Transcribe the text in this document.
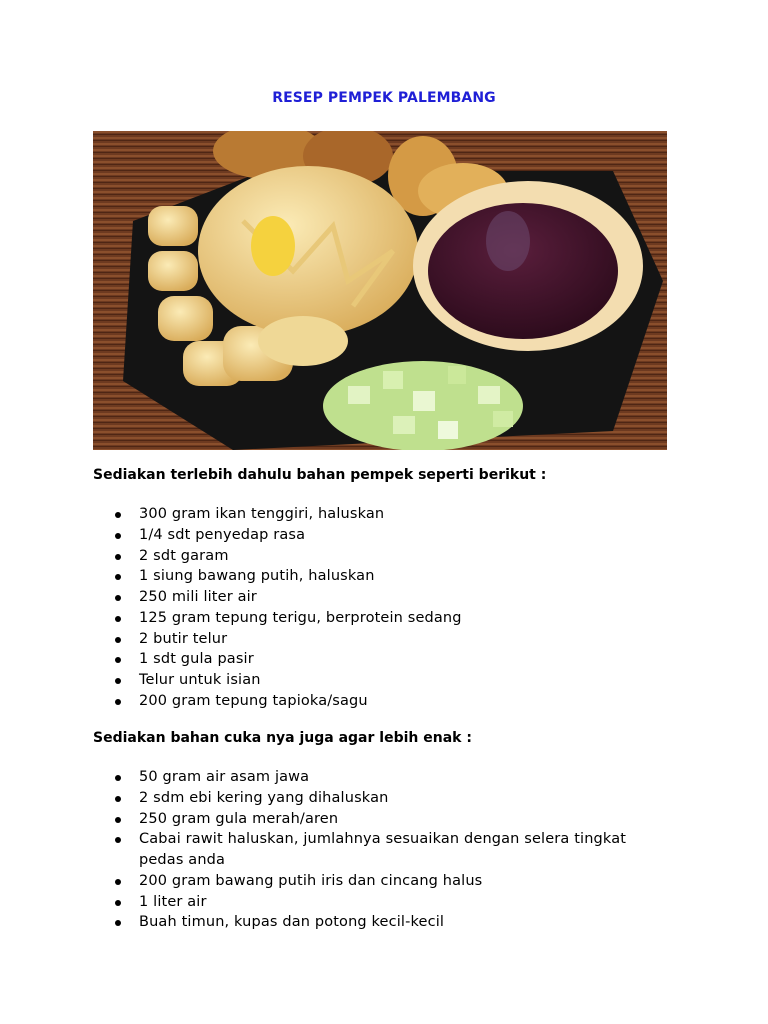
RESEP PEMPEK PALEMBANG
Sediakan terlebih dahulu bahan pempek seperti berikut :
300 gram ikan tenggiri, haluskan
1/4 sdt penyedap rasa
2 sdt garam
1 siung bawang putih, haluskan
250 mili liter air
125 gram tepung terigu, berprotein sedang
2 butir telur
1 sdt gula pasir
Telur untuk isian
200 gram tepung tapioka/sagu
Sediakan bahan cuka nya juga agar lebih enak :
50 gram air asam jawa
2 sdm ebi kering yang dihaluskan
250 gram gula merah/aren
Cabai rawit haluskan, jumlahnya sesuaikan dengan selera tingkat pedas anda
200 gram bawang putih iris dan cincang halus
1 liter air
Buah timun, kupas dan potong kecil-kecil
